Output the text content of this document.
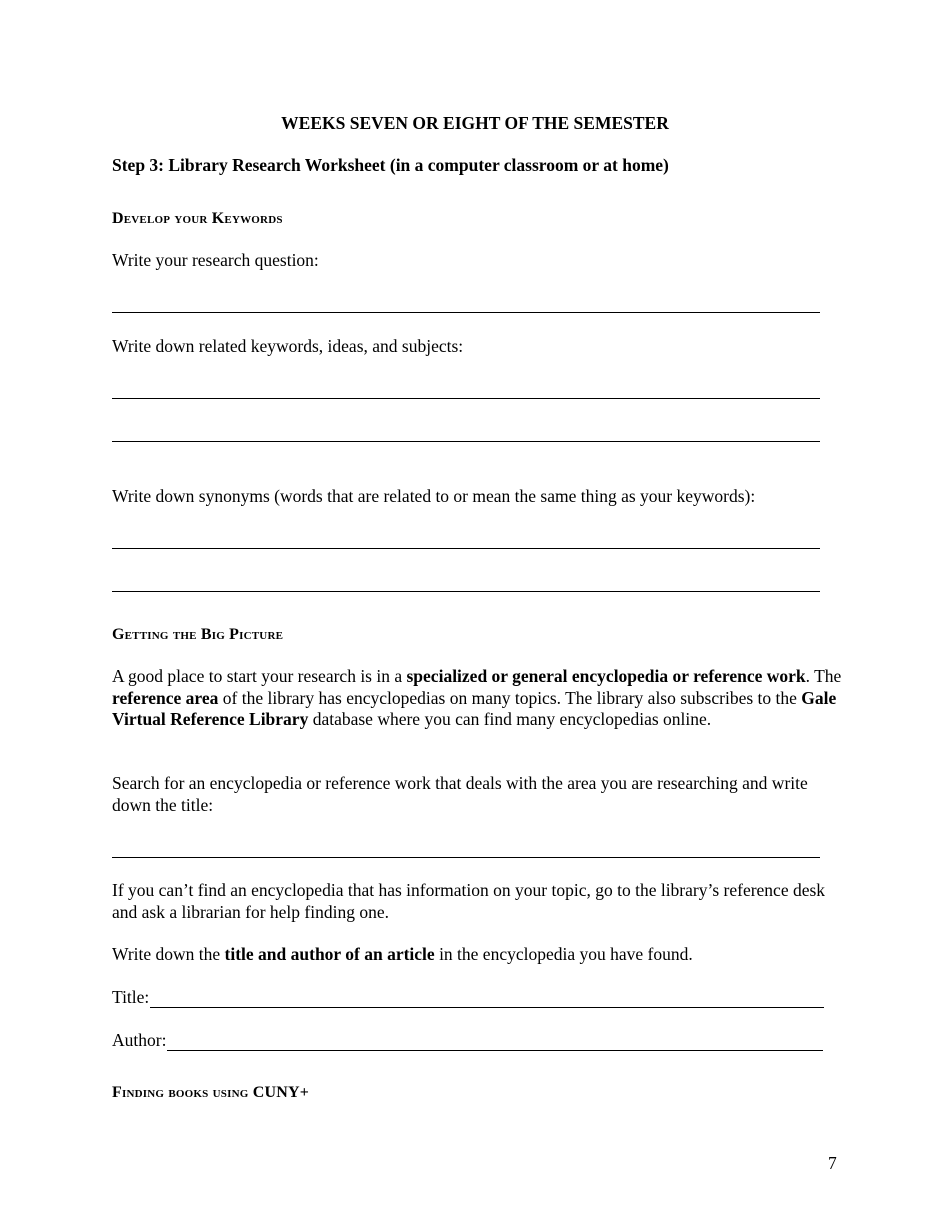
WEEKS SEVEN OR EIGHT OF THE SEMESTER

Step 3: Library Research Worksheet (in a computer classroom or at home)

Develop your Keywords

Write your research question:

Write down related keywords, ideas, and subjects:

Write down synonyms (words that are related to or mean the same thing as your keywords):

Getting the Big Picture

A good place to start your research is in a specialized or general encyclopedia or reference work. The reference area of the library has encyclopedias on many topics. The library also subscribes to the Gale Virtual Reference Library database where you can find many encyclopedias online.

Search for an encyclopedia or reference work that deals with the area you are researching and write down the title:

If you can’t find an encyclopedia that has information on your topic, go to the library’s reference desk and ask a librarian for help finding one.

Write down the title and author of an article in the encyclopedia you have found.

Title:
Author:

Finding books using CUNY+

7
